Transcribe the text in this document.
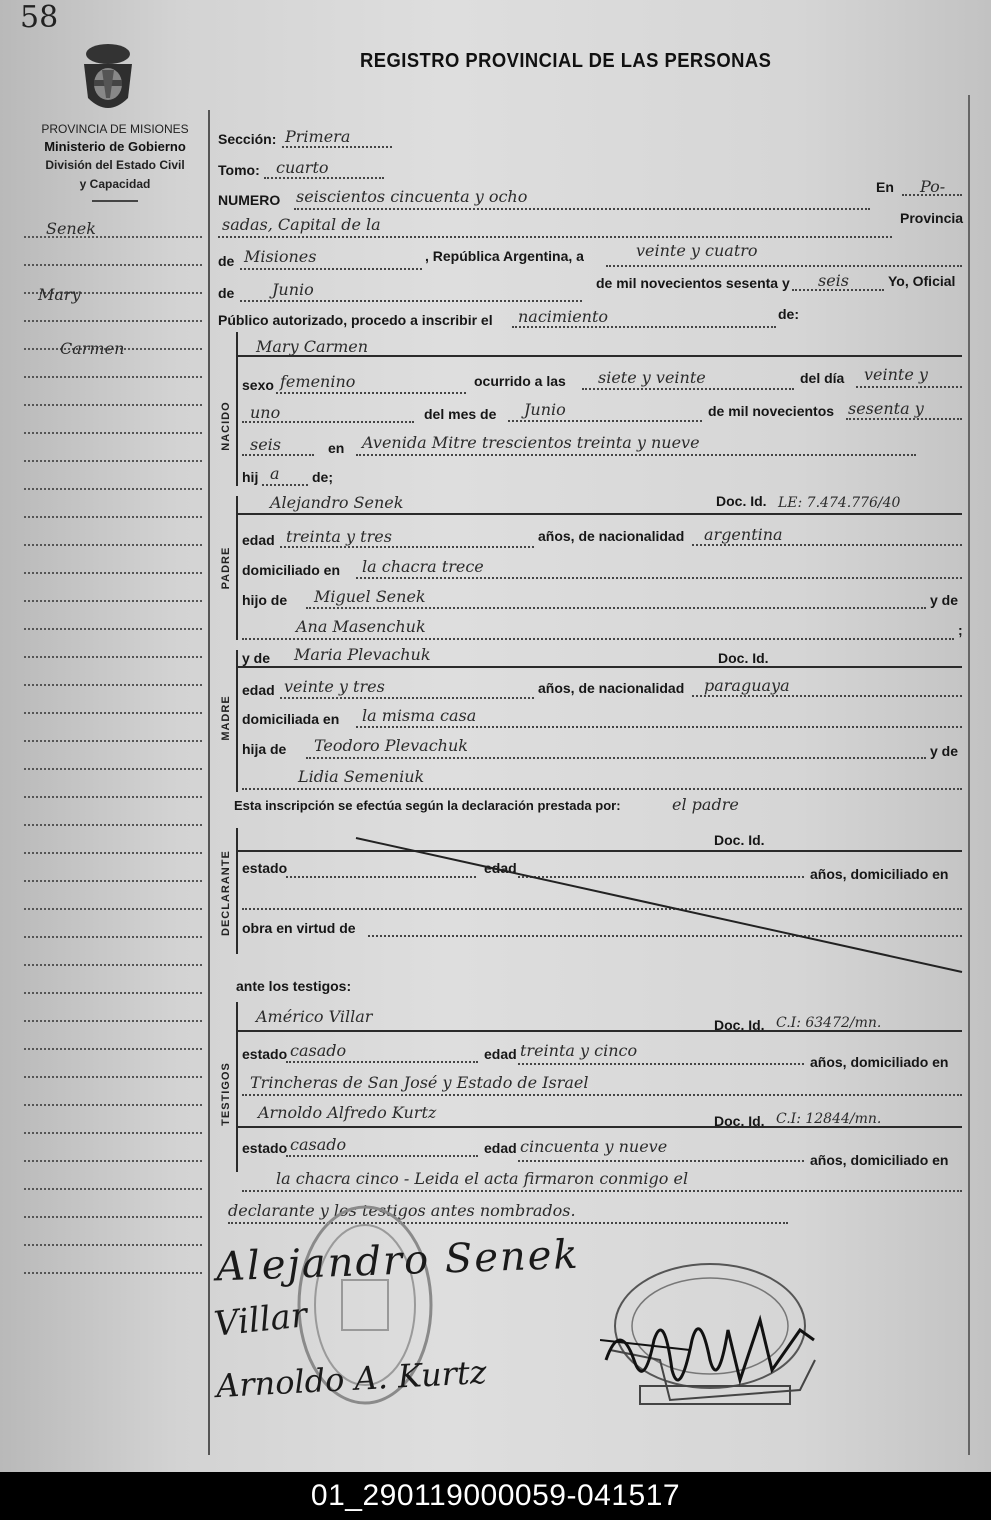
58
PROVINCIA DE MISIONES
Ministerio de Gobierno
División del Estado Civil
y Capacidad
REGISTRO PROVINCIAL DE LAS PERSONAS
Senek
Mary
Carmen
Sección: Primera
Tomo: cuarto
NUMERO seiscientos cincuenta y ocho	En Po-
sadas, Capital de la	Provincia
de Misiones	, República Argentina, a	veinte y cuatro
de Junio	de mil novecientos sesenta y seis	Yo, Oficial
Público autorizado, procedo a inscribir el nacimiento	de:
NACIDO
Mary Carmen
sexo femenino	ocurrido a las siete y veinte	del día veinte y
uno	del mes de Junio	de mil novecientos sesenta y
seis	en Avenida Mitre trescientos treinta y nueve
hij a de;
PADRE
Alejandro Senek	Doc. Id. LE: 7.474.776/40
edad treinta y tres	años, de nacionalidad argentina
domiciliado en la chacra trece
hijo de Miguel Senek	y de
Ana Masenchuk	;
MADRE
y de Maria Plevachuk	Doc. Id.
edad veinte y tres	años, de nacionalidad paraguaya
domiciliada en la misma casa
hija de Teodoro Plevachuk	y de
Lidia Semeniuk
Esta inscripción se efectúa según la declaración prestada por:	el padre
DECLARANTE
Doc. Id.
estado	edad	años, domiciliado en
obra en virtud de
ante los testigos:
TESTIGOS
Américo Villar	Doc. Id. C.I: 63472/mn.
estado casado	edad treinta y cinco
años, domiciliado en
Trincheras de San José y Estado de Israel
Arnoldo Alfredo Kurtz	Doc. Id. C.I: 12844/mn.
estado casado	edad cincuenta y nueve
años, domiciliado en
la chacra cinco - Leida el acta firmaron conmigo el
declarante y los testigos antes nombrados.
Alejandro Senek
Villar
Arnoldo A. Kurtz
01_290119000059-041517
